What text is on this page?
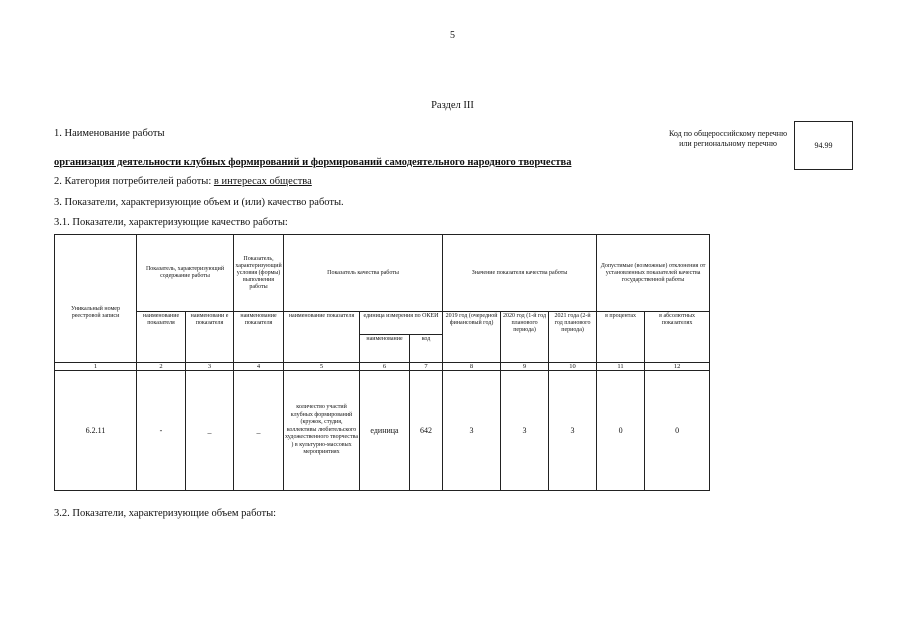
5
Раздел III
1. Наименование работы
организация деятельности клубных формирований и формирований самодеятельного народного творчества
Код по общероссийскому перечню или региональному перечню	94.99
2. Категория потребителей работы: в интересах общества
3. Показатели, характеризующие объем и (или) качество работы.
3.1. Показатели, характеризующие качество работы:
Уникальный номер реестровой записи	Показатель, характеризующий содержание работы		Показатель, характеризующий условия (формы) выполнения работы	Показатель качества работы			Значение показателя качества работы			Допустимые (возможные) отклонения от установленных показателей качества государственной работы	
	наименование показателя	наименовани е показателя	наименование показателя	наименование показателя	единица измерения по ОКЕИ		2019 год (очередной финансовый год)	2020 год (1-й год планового периода)	2021 года (2-й год планового периода)	в процентах	в абсолютных показателях
					наименование	код					
1	2	3	4	5	6	7	8	9	10	11	12
6.2.11	-	_	_	количество участий клубных формирований (кружок, студия, коллективы любительского художественного творчества ) в культурно-массовых мероприятиях	единица	642	3	3	3	0	0
3.2. Показатели, характеризующие объем работы:
